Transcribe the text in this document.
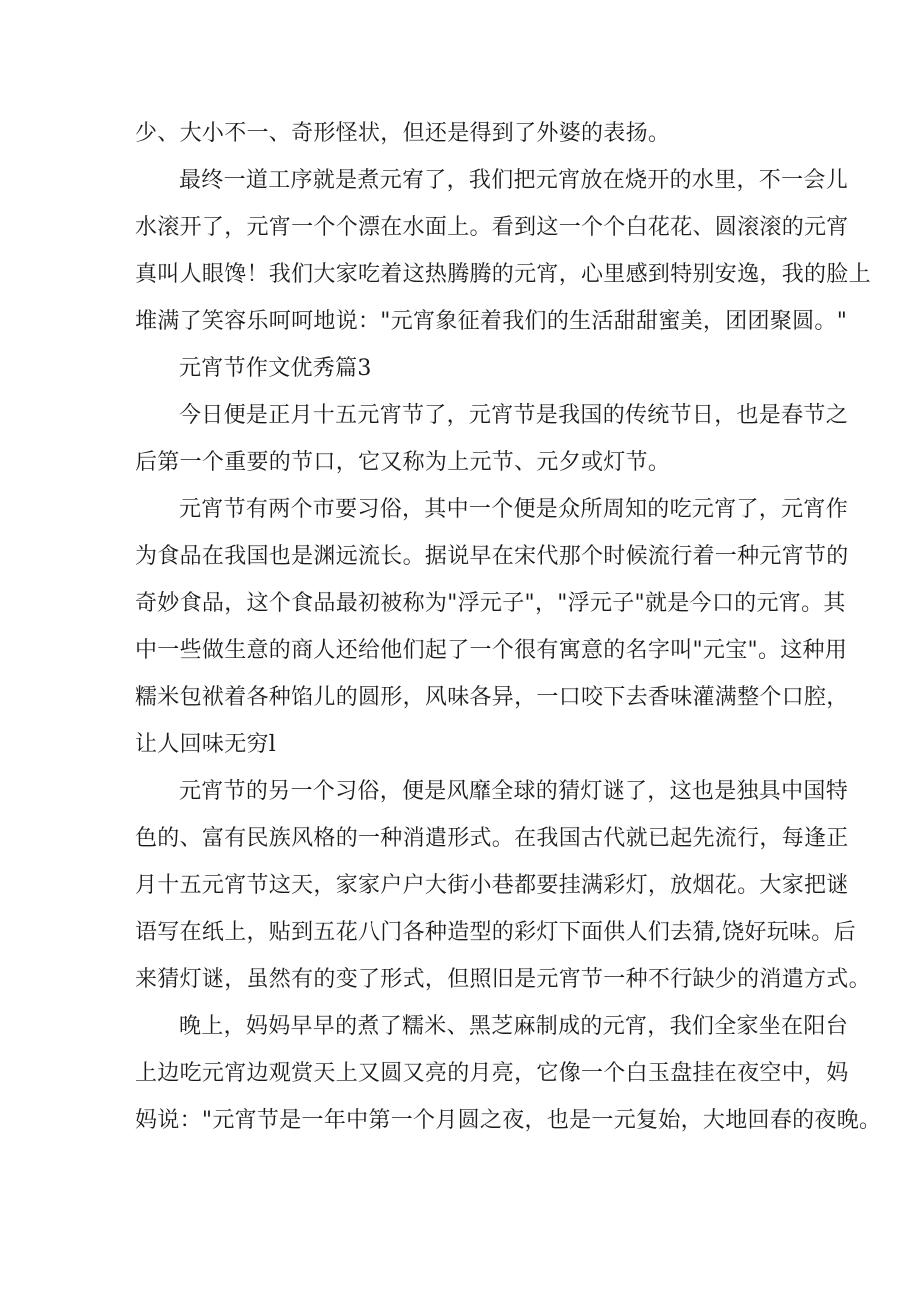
少、大小不一、奇形怪状，但还是得到了外婆的表扬。

最终一道工序就是煮元宥了，我们把元宵放在烧开的水里，不一会儿

水滚开了，元宵一个个漂在水面上。看到这一个个白花花、圆滚滚的元宵

真叫人眼馋！我们大家吃着这热腾腾的元宵，心里感到特别安逸，我的脸上

堆满了笑容乐呵呵地说："元宵象征着我们的生活甜甜蜜美，团团聚圆。"

元宵节作文优秀篇3

今日便是正月十五元宵节了，元宵节是我国的传统节日，也是春节之

后第一个重要的节口，它又称为上元节、元夕或灯节。

元宵节有两个市要习俗，其中一个便是众所周知的吃元宵了，元宵作

为食品在我国也是渊远流长。据说早在宋代那个时候流行着一种元宵节的

奇妙食品，这个食品最初被称为"浮元子"，"浮元子"就是今口的元宵。其

中一些做生意的商人还给他们起了一个很有寓意的名字叫"元宝"。这种用

糯米包袱着各种馅儿的圆形，风味各异，一口咬下去香味灌满整个口腔，

让人回味无穷l

元宵节的另一个习俗，便是风靡全球的猜灯谜了，这也是独具中国特

色的、富有民族风格的一种消遣形式。在我国古代就已起先流行，每逢正

月十五元宵节这天，家家户户大街小巷都要挂满彩灯，放烟花。大家把谜

语写在纸上，贴到五花八门各种造型的彩灯下面供人们去猜,饶好玩味。后

来猜灯谜，虽然有的变了形式，但照旧是元宵节一种不行缺少的消遣方式。

晚上，妈妈早早的煮了糯米、黑芝麻制成的元宵，我们全家坐在阳台

上边吃元宵边观赏天上又圆又亮的月亮，它像一个白玉盘挂在夜空中，妈

妈说："元宵节是一年中第一个月圆之夜，也是一元复始，大地回春的夜晚。
